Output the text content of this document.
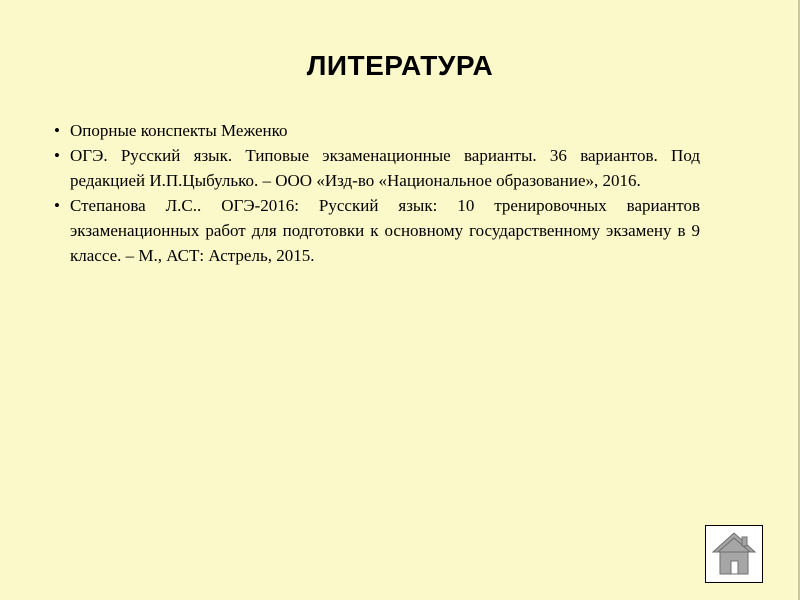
ЛИТЕРАТУРА
• Опорные конспекты Меженко
• ОГЭ. Русский язык. Типовые экзаменационные варианты. 36 вариантов. Под редакцией И.П.Цыбулько. – ООО «Изд-во «Национальное образование», 2016.
• Степанова Л.С.. ОГЭ-2016: Русский язык: 10 тренировочных вариантов экзаменационных работ для подготовки к основному государственному экзамену в 9 классе. – М., АСТ: Астрель, 2015.
